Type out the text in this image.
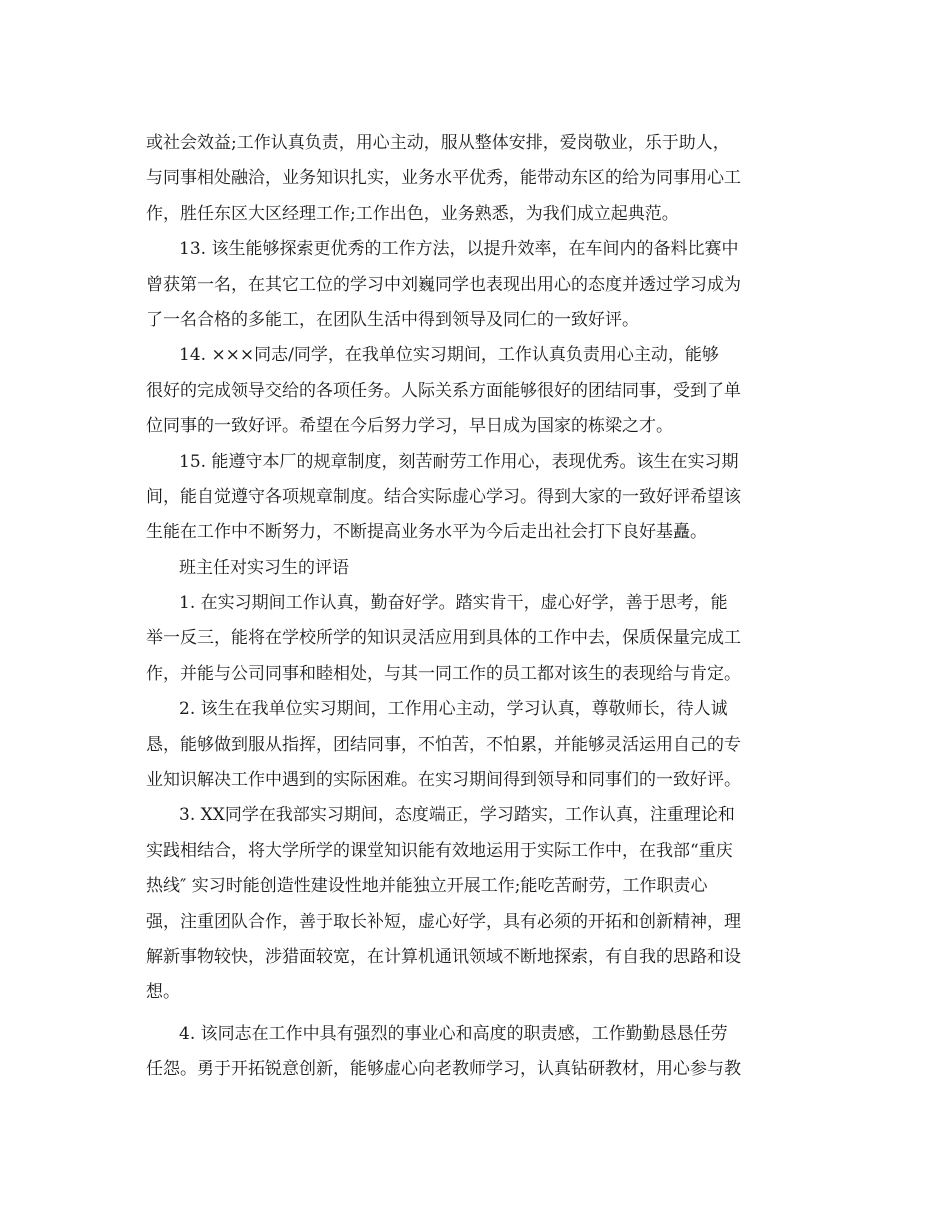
或社会效益;工作认真负责，用心主动，服从整体安排，爱岗敬业，乐于助人，
与同事相处融洽，业务知识扎实，业务水平优秀，能带动东区的给为同事用心工
作，胜任东区大区经理工作;工作出色，业务熟悉，为我们成立起典范。
13. 该生能够探索更优秀的工作方法，以提升效率，在车间内的备料比赛中
曾获第一名，在其它工位的学习中刘巍同学也表现出用心的态度并透过学习成为
了一名合格的多能工，在团队生活中得到领导及同仁的一致好评。
14. ×××同志/同学，在我单位实习期间，工作认真负责用心主动，能够
很好的完成领导交给的各项任务。人际关系方面能够很好的团结同事，受到了单
位同事的一致好评。希望在今后努力学习，早日成为国家的栋梁之才。
15. 能遵守本厂的规章制度，刻苦耐劳工作用心，表现优秀。该生在实习期
间，能自觉遵守各项规章制度。结合实际虚心学习。得到大家的一致好评希望该
生能在工作中不断努力，不断提高业务水平为今后走出社会打下良好基矗。
班主任对实习生的评语
1. 在实习期间工作认真，勤奋好学。踏实肯干，虚心好学，善于思考，能
举一反三，能将在学校所学的知识灵活应用到具体的工作中去，保质保量完成工
作，并能与公司同事和睦相处，与其一同工作的员工都对该生的表现给与肯定。
2. 该生在我单位实习期间，工作用心主动，学习认真，尊敬师长，待人诚
恳，能够做到服从指挥，团结同事，不怕苦，不怕累，并能够灵活运用自己的专
业知识解决工作中遇到的实际困难。在实习期间得到领导和同事们的一致好评。
3. XX同学在我部实习期间，态度端正，学习踏实，工作认真，注重理论和
实践相结合，将大学所学的课堂知识能有效地运用于实际工作中，在我部“重庆
热线″ 实习时能创造性建设性地并能独立开展工作;能吃苦耐劳，工作职责心
强，注重团队合作，善于取长补短，虚心好学，具有必须的开拓和创新精神，理
解新事物较快，涉猎面较宽，在计算机通讯领域不断地探索，有自我的思路和设
想。
4. 该同志在工作中具有强烈的事业心和高度的职责感，工作勤勤恳恳任劳
任怨。勇于开拓锐意创新，能够虚心向老教师学习，认真钻研教材，用心参与教
